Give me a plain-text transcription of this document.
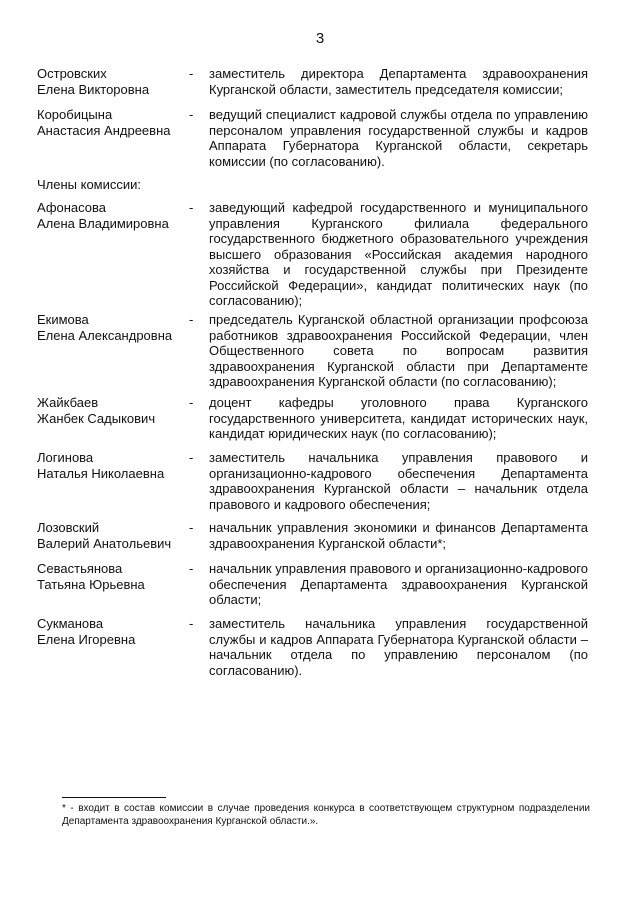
3
Островских
Елена Викторовна
- заместитель директора Департамента здравоохранения Курганской области, заместитель председателя комиссии;
Коробицына
Анастасия Андреевна
- ведущий специалист кадровой службы отдела по управлению персоналом управления государственной службы и кадров Аппарата Губернатора Курганской области, секретарь комиссии (по согласованию).
Члены комиссии:
Афонасова
Алена Владимировна
- заведующий кафедрой государственного и муниципального управления Курганского филиала федерального государственного бюджетного образовательного учреждения высшего образования «Российская академия народного хозяйства и государственной службы при Президенте Российской Федерации», кандидат политических наук (по согласованию);
Екимова
Елена Александровна
- председатель Курганской областной организации профсоюза работников здравоохранения Российской Федерации, член Общественного совета по вопросам развития здравоохранения Курганской области при Департаменте здравоохранения Курганской области (по согласованию);
Жайкбаев
Жанбек Садыкович
- доцент кафедры уголовного права Курганского государственного университета, кандидат исторических наук, кандидат юридических наук (по согласованию);
Логинова
Наталья Николаевна
- заместитель начальника управления правового и организационно-кадрового обеспечения Департамента здравоохранения Курганской области – начальник отдела правового и кадрового обеспечения;
Лозовский
Валерий Анатольевич
- начальник управления экономики и финансов Департамента здравоохранения Курганской области*;
Севастьянова
Татьяна Юрьевна
- начальник управления правового и организационно-кадрового обеспечения Департамента здравоохранения Курганской области;
Сукманова
Елена Игоревна
- заместитель начальника управления государственной службы и кадров Аппарата Губернатора Курганской области – начальник отдела по управлению персоналом (по согласованию).
* - входит в состав комиссии в случае проведения конкурса в соответствующем структурном подразделении Департамента здравоохранения Курганской области.».
